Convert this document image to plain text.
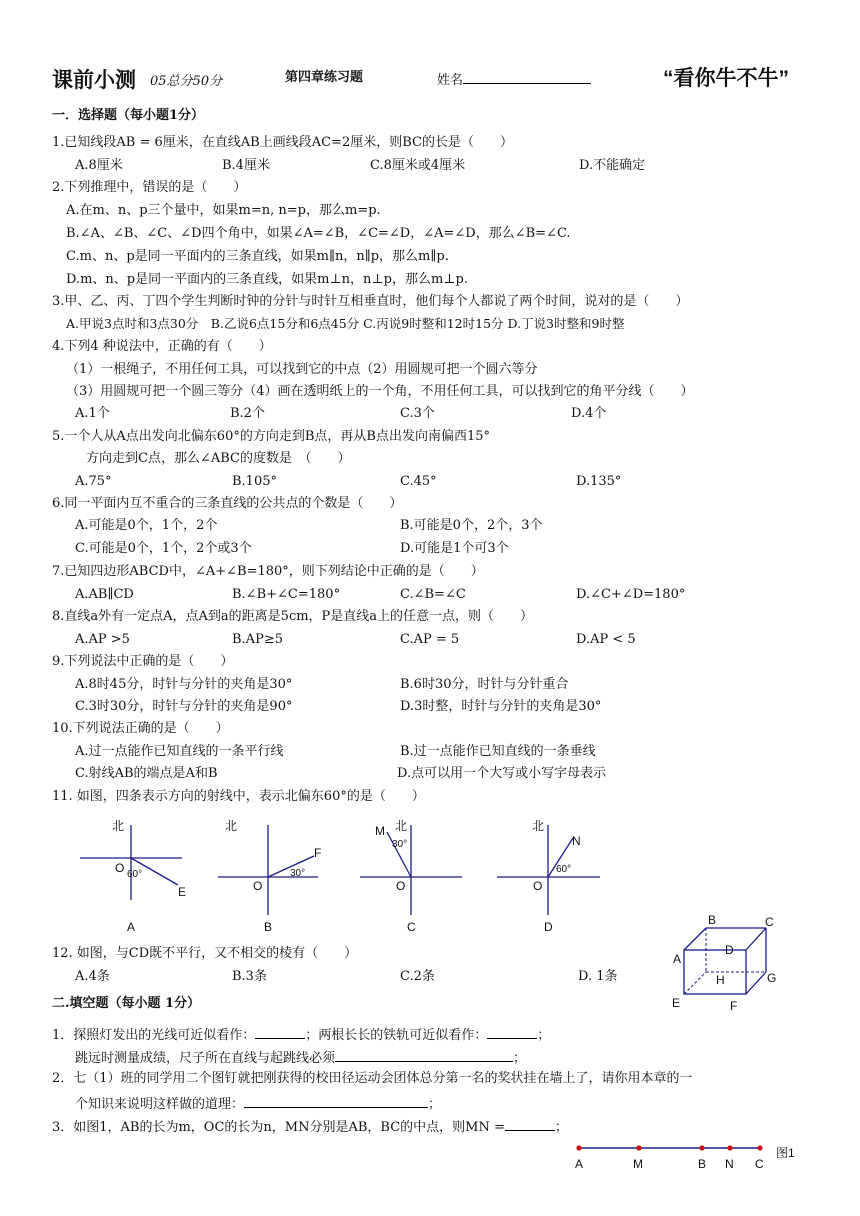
课前小测 05总分50分	第四章练习题	姓名	“看你牛不牛”
一．选择题（每小题1分）
1.已知线段AB = 6厘米，在直线AB上画线段AC=2厘米，则BC的长是（　　）
A.8厘米	B.4厘米	C.8厘米或4厘米	D.不能确定
2.下列推理中，错误的是（　　）
A.在m、n、p三个量中，如果m=n, n=p，那么m=p.
B.∠A、∠B、∠C、∠D四个角中，如果∠A=∠B，∠C=∠D，∠A=∠D，那么∠B=∠C.
C.m、n、p是同一平面内的三条直线，如果m∥n，n∥p，那么m∥p.
D.m、n、p是同一平面内的三条直线，如果m⊥n，n⊥p，那么m⊥p.
3.甲、乙、丙、丁四个学生判断时钟的分针与时针互相垂直时，他们每个人都说了两个时间，说对的是（　　）
A.甲说3点时和3点30分　B.乙说6点15分和6点45分 C.丙说9时整和12时15分 D.丁说3时整和9时整
4.下列4 种说法中，正确的有（　　）
（1）一根绳子，不用任何工具，可以找到它的中点（2）用圆规可把一个圆六等分
（3）用圆规可把一个圆三等分（4）画在透明纸上的一个角，不用任何工具，可以找到它的角平分线（　　）
A.1个	B.2个	C.3个	D.4个
5.一个人从A点出发向北偏东60°的方向走到B点，再从B点出发向南偏西15°
方向走到C点，那么∠ABC的度数是　（　　）
A.75°	B.105°	C.45°	D.135°
6.同一平面内互不重合的三条直线的公共点的个数是（　　）
A.可能是0个，1个，2个	B.可能是0个，2个，3个
C.可能是0个，1个，2个或3个	D.可能是1个可3个
7.已知四边形ABCD中，∠A+∠B=180°，则下列结论中正确的是（　　）
A.AB∥CD	B.∠B+∠C=180°	C.∠B=∠C	D.∠C+∠D=180°
8.直线a外有一定点A，点A到a的距离是5cm，P是直线a上的任意一点，则（　　）
A.AP >5	B.AP≥5	C.AP = 5	D.AP < 5
9.下列说法中正确的是（　　）
A.8时45分，时针与分针的夹角是30°	B.6时30分，时针与分针重合
C.3时30分，时针与分针的夹角是90°	D.3时整，时针与分针的夹角是30°
10.下列说法正确的是（　　）
A.过一点能作已知直线的一条平行线	B.过一点能作已知直线的一条垂线
C.射线AB的端点是A和B	D.点可以用一个大写或小写字母表示
11. 如图，四条表示方向的射线中，表示北偏东60°的是（　　）
北
O 60°
E
北
O
30°
F
北
M
30°
O
北
N
60°
O
A	B	C	D
12. 如图，与CD既不平行，又不相交的棱有（　　）
A.4条	B.3条	C.2条	D. 1条
B	C
D
A
H	G
E	F
二.填空题（每小题 1分）
1．探照灯发出的光线可近似看作：	；两根长长的铁轨可近似看作：	；
跳远时测量成绩，尺子所在直线与起跳线必须	；
2．七（1）班的同学用二个图钉就把刚获得的校田径运动会团体总分第一名的奖状挂在墙上了，请你用本章的一
个知识来说明这样做的道理：	；
3．如图1，AB的长为m，OC的长为n，MN分别是AB，BC的中点，则MN =	；
A	M	B N C
图1
